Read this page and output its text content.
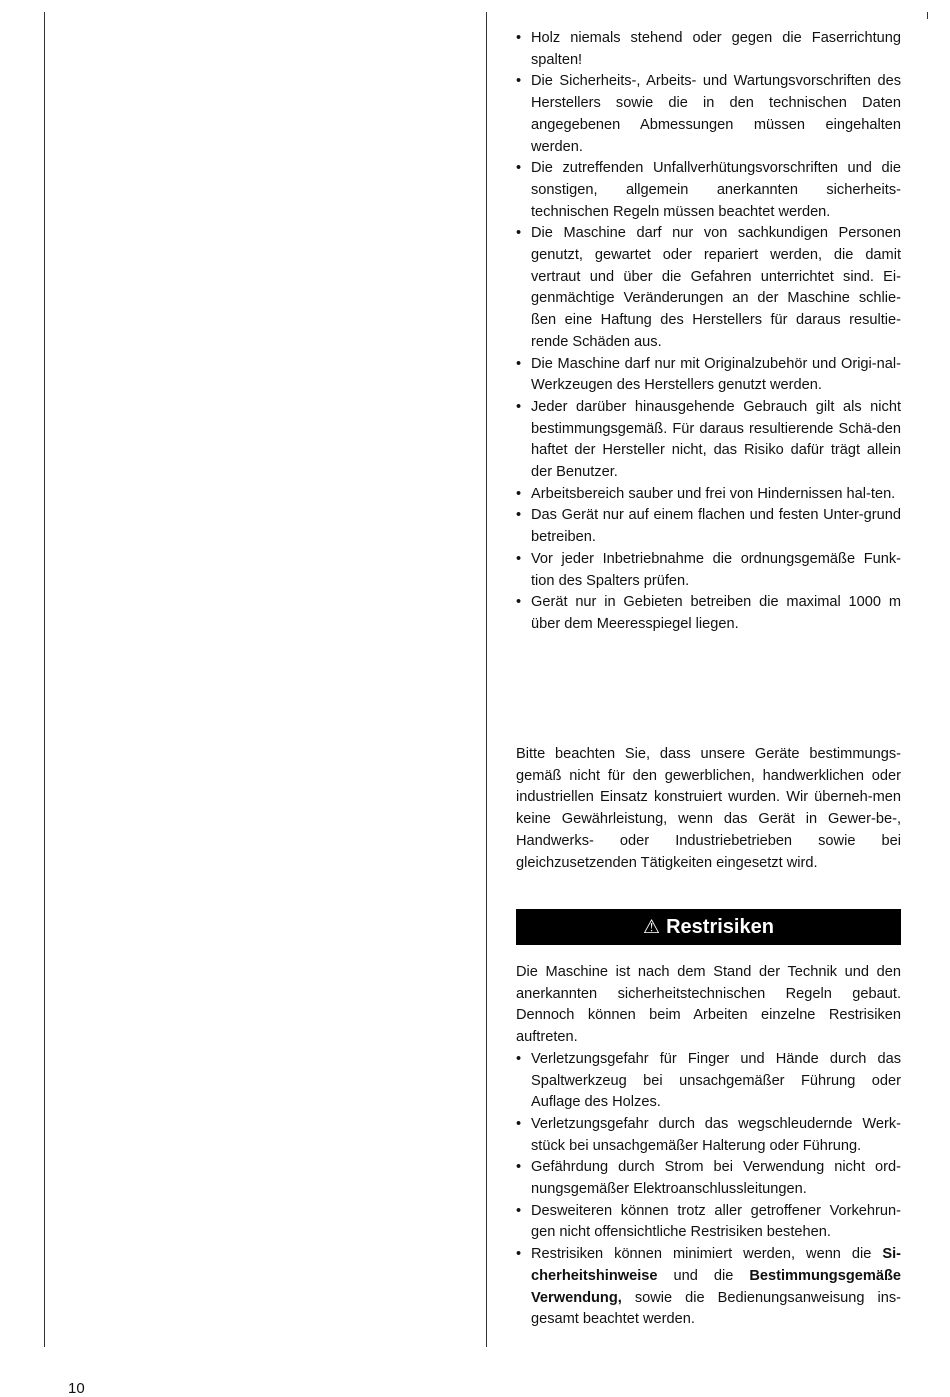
• Holz niemals stehend oder gegen die Faserrichtung spalten!
• Die Sicherheits-, Arbeits- und Wartungsvorschriften des Herstellers sowie die in den technischen Daten angegebenen Abmessungen müssen eingehalten werden.
• Die zutreffenden Unfallverhütungsvorschriften und die sonstigen, allgemein anerkannten sicherheits-technischen Regeln müssen beachtet werden.
• Die Maschine darf nur von sachkundigen Personen genutzt, gewartet oder repariert werden, die damit vertraut und über die Gefahren unterrichtet sind. Ei-genmächtige Veränderungen an der Maschine schlie-ßen eine Haftung des Herstellers für daraus resultie-rende Schäden aus.
• Die Maschine darf nur mit Originalzubehör und Origi-nal-Werkzeugen des Herstellers genutzt werden.
• Jeder darüber hinausgehende Gebrauch gilt als nicht bestimmungsgemäß. Für daraus resultierende Schä-den haftet der Hersteller nicht, das Risiko dafür trägt allein der Benutzer.
• Arbeitsbereich sauber und frei von Hindernissen hal-ten.
• Das Gerät nur auf einem flachen und festen Unter-grund betreiben.
• Vor jeder Inbetriebnahme die ordnungsgemäße Funk-tion des Spalters prüfen.
• Gerät nur in Gebieten betreiben die maximal 1000 m über dem Meeresspiegel liegen.

Bitte beachten Sie, dass unsere Geräte bestimmungs-gemäß nicht für den gewerblichen, handwerklichen oder industriellen Einsatz konstruiert wurden. Wir überneh-men keine Gewährleistung, wenn das Gerät in Gewer-be-, Handwerks- oder Industriebetrieben sowie bei gleichzusetzenden Tätigkeiten eingesetzt wird.

⚠ Restrisiken

Die Maschine ist nach dem Stand der Technik und den anerkannten sicherheitstechnischen Regeln gebaut. Dennoch können beim Arbeiten einzelne Restrisiken auftreten.

• Verletzungsgefahr für Finger und Hände durch das Spaltwerkzeug bei unsachgemäßer Führung oder Auflage des Holzes.
• Verletzungsgefahr durch das wegschleudernde Werk-stück bei unsachgemäßer Halterung oder Führung.
• Gefährdung durch Strom bei Verwendung nicht ord-nungsgemäßer Elektroanschlussleitungen.
• Desweiteren können trotz aller getroffener Vorkehrun-gen nicht offensichtliche Restrisiken bestehen.
• Restrisiken können minimiert werden, wenn die Si-cherheitshinweise und die Bestimmungsgemäße Verwendung, sowie die Bedienungsanweisung ins-gesamt beachtet werden.
10
